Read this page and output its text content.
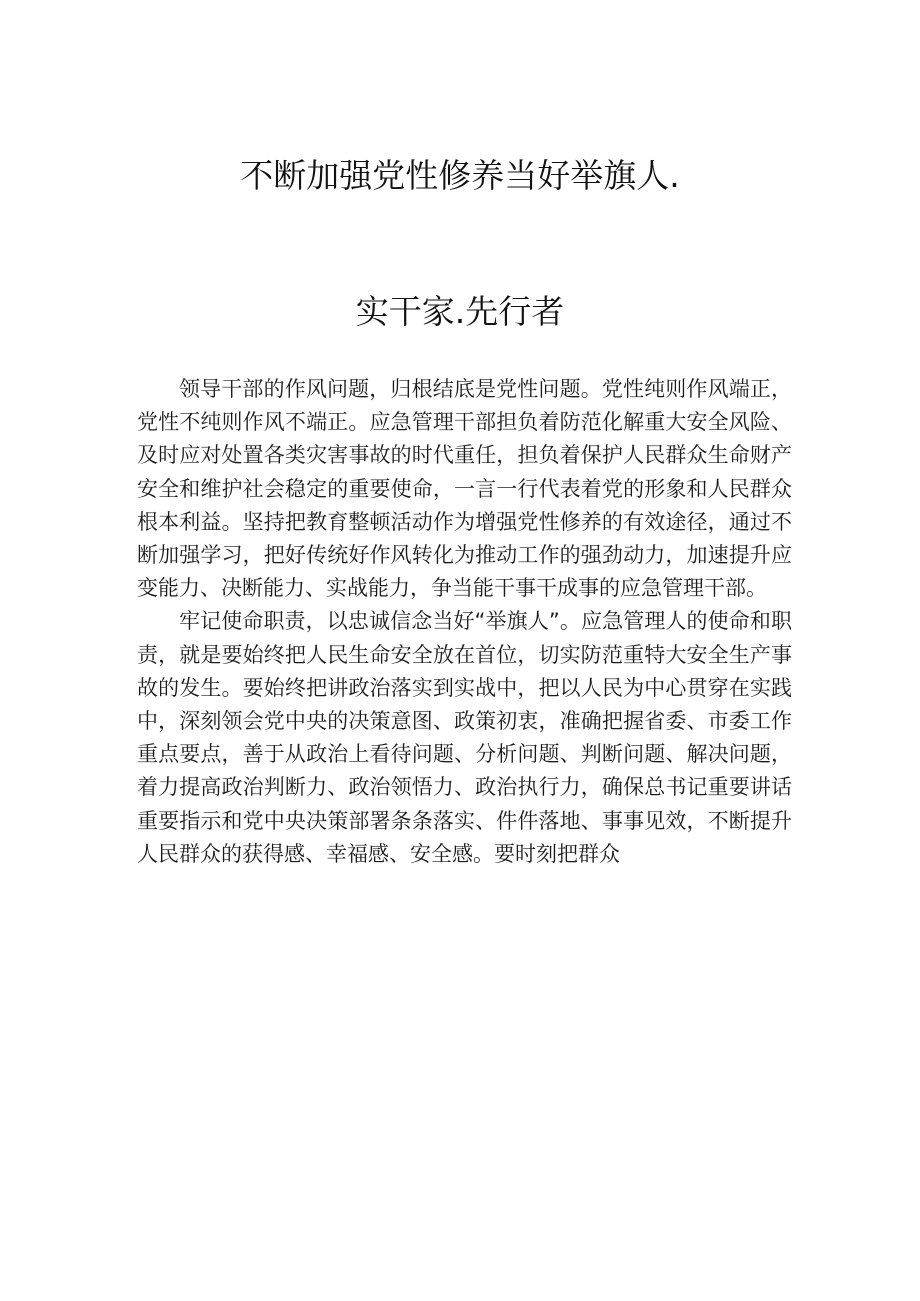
不断加强党性修养当好举旗人.
实干家.先行者

领导干部的作风问题，归根结底是党性问题。党性纯则作风端正，党性不纯则作风不端正。应急管理干部担负着防范化解重大安全风险、及时应对处置各类灾害事故的时代重任，担负着保护人民群众生命财产安全和维护社会稳定的重要使命，一言一行代表着党的形象和人民群众根本利益。坚持把教育整顿活动作为增强党性修养的有效途径，通过不断加强学习，把好传统好作风转化为推动工作的强劲动力，加速提升应变能力、决断能力、实战能力，争当能干事干成事的应急管理干部。

牢记使命职责，以忠诚信念当好“举旗人”。应急管理人的使命和职责，就是要始终把人民生命安全放在首位，切实防范重特大安全生产事故的发生。要始终把讲政治落实到实战中，把以人民为中心贯穿在实践中，深刻领会党中央的决策意图、政策初衷，准确把握省委、市委工作重点要点，善于从政治上看待问题、分析问题、判断问题、解决问题，着力提高政治判断力、政治领悟力、政治执行力，确保总书记重要讲话重要指示和党中央决策部署条条落实、件件落地、事事见效，不断提升人民群众的获得感、幸福感、安全感。要时刻把群众
